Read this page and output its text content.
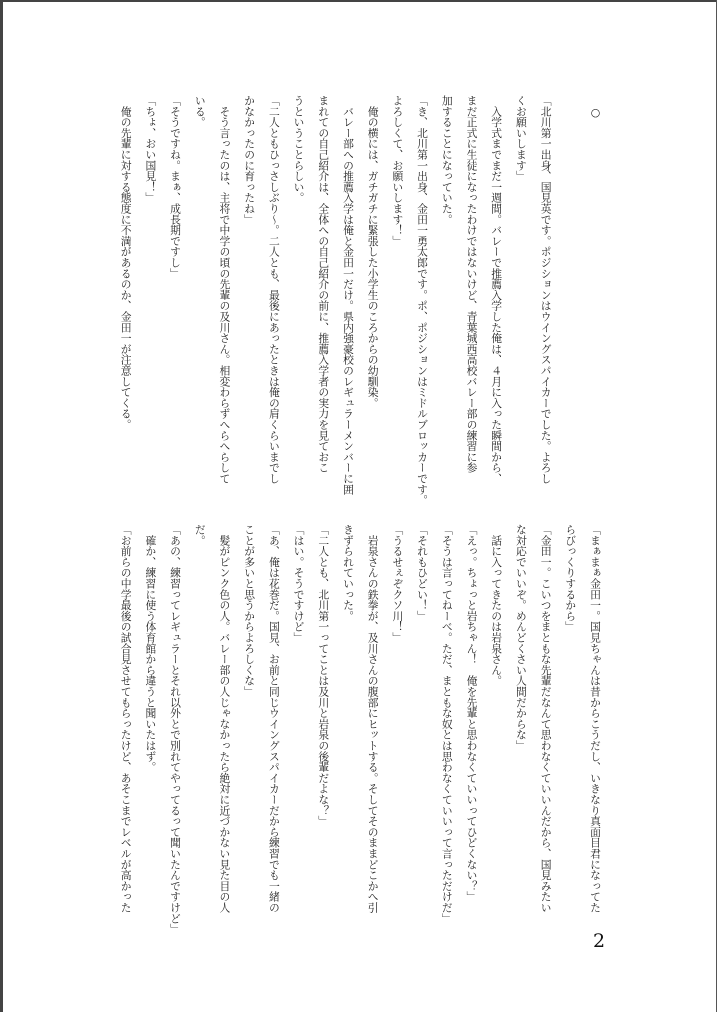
　○

「北川第一出身、国見英です。ポジションはウイングスパイカーでした。よろし
くお願いします」
　入学式までまだ一週間。バレーで推薦入学した俺は、４月に入った瞬間から、
まだ正式に生徒になったわけではないけど、青葉城西高校バレー部の練習に参
加することになっていた。
「き、北川第一出身、金田一勇太郎です。ポ、ポジションはミドルブロッカーです。
よろしくて、お願いします！」
　俺の横には、ガチガチに緊張した小学生のころからの幼馴染。
　バレー部への推薦入学は俺と金田一だけ。県内強豪校のレギュラーメンバーに囲
まれての自己紹介は、全体への自己紹介の前に、推薦入学者の実力を見ておこ
うということらしい。
「二人ともひっさしぶり～。二人とも、最後にあったときは俺の肩くらいまでし
かなかったのに育ったね」
　そう言ったのは、主将で中学の頃の先輩の及川さん。相変わらずへらへらして
いる。
「そうですね。まぁ、成長期ですし」
「ちょ、おい国見！」
　俺の先輩に対する態度に不満があるのか、金田一が注意してくる。
「まぁまぁ金田一。国見ちゃんは昔からこうだし、いきなり真面目君になってた
らびっくりするから」
「金田一。こいつをまともな先輩だなんて思わなくていいんだから、国見みたい
な対応でいいぞ。めんどくさい人間だからな」
　話に入ってきたのは岩泉さん。
「えっ。ちょっと岩ちゃん！　俺を先輩と思わなくていいってひどくない？」
「そうは言ってねーべ。ただ、まともな奴とは思わなくていいって言っただけだ」
「それもひどい！」
「うるせぇぞクソ川！」
　岩泉さんの鉄拳が、及川さんの腹部にヒットする。そしてそのままどこかへ引
きずられていった。
「二人とも、北川第一ってことは及川と岩泉の後輩だよな？」
「はい。そうですけど」
「あ、俺は花巻だ。国見、お前と同じウイングスパイカーだから練習でも一緒の
ことが多いと思うからよろしくな」
　髪がピンク色の人。バレー部の人じゃなかったら絶対に近づかない見た目の人
だ。
「あの、練習ってレギュラーとそれ以外とで別れてやってるって聞いたんですけど」
　確か、練習に使う体育館から違うと聞いたはず。
「お前らの中学最後の試合見させてもらったけど、あそこまでレベルが高かった
2
